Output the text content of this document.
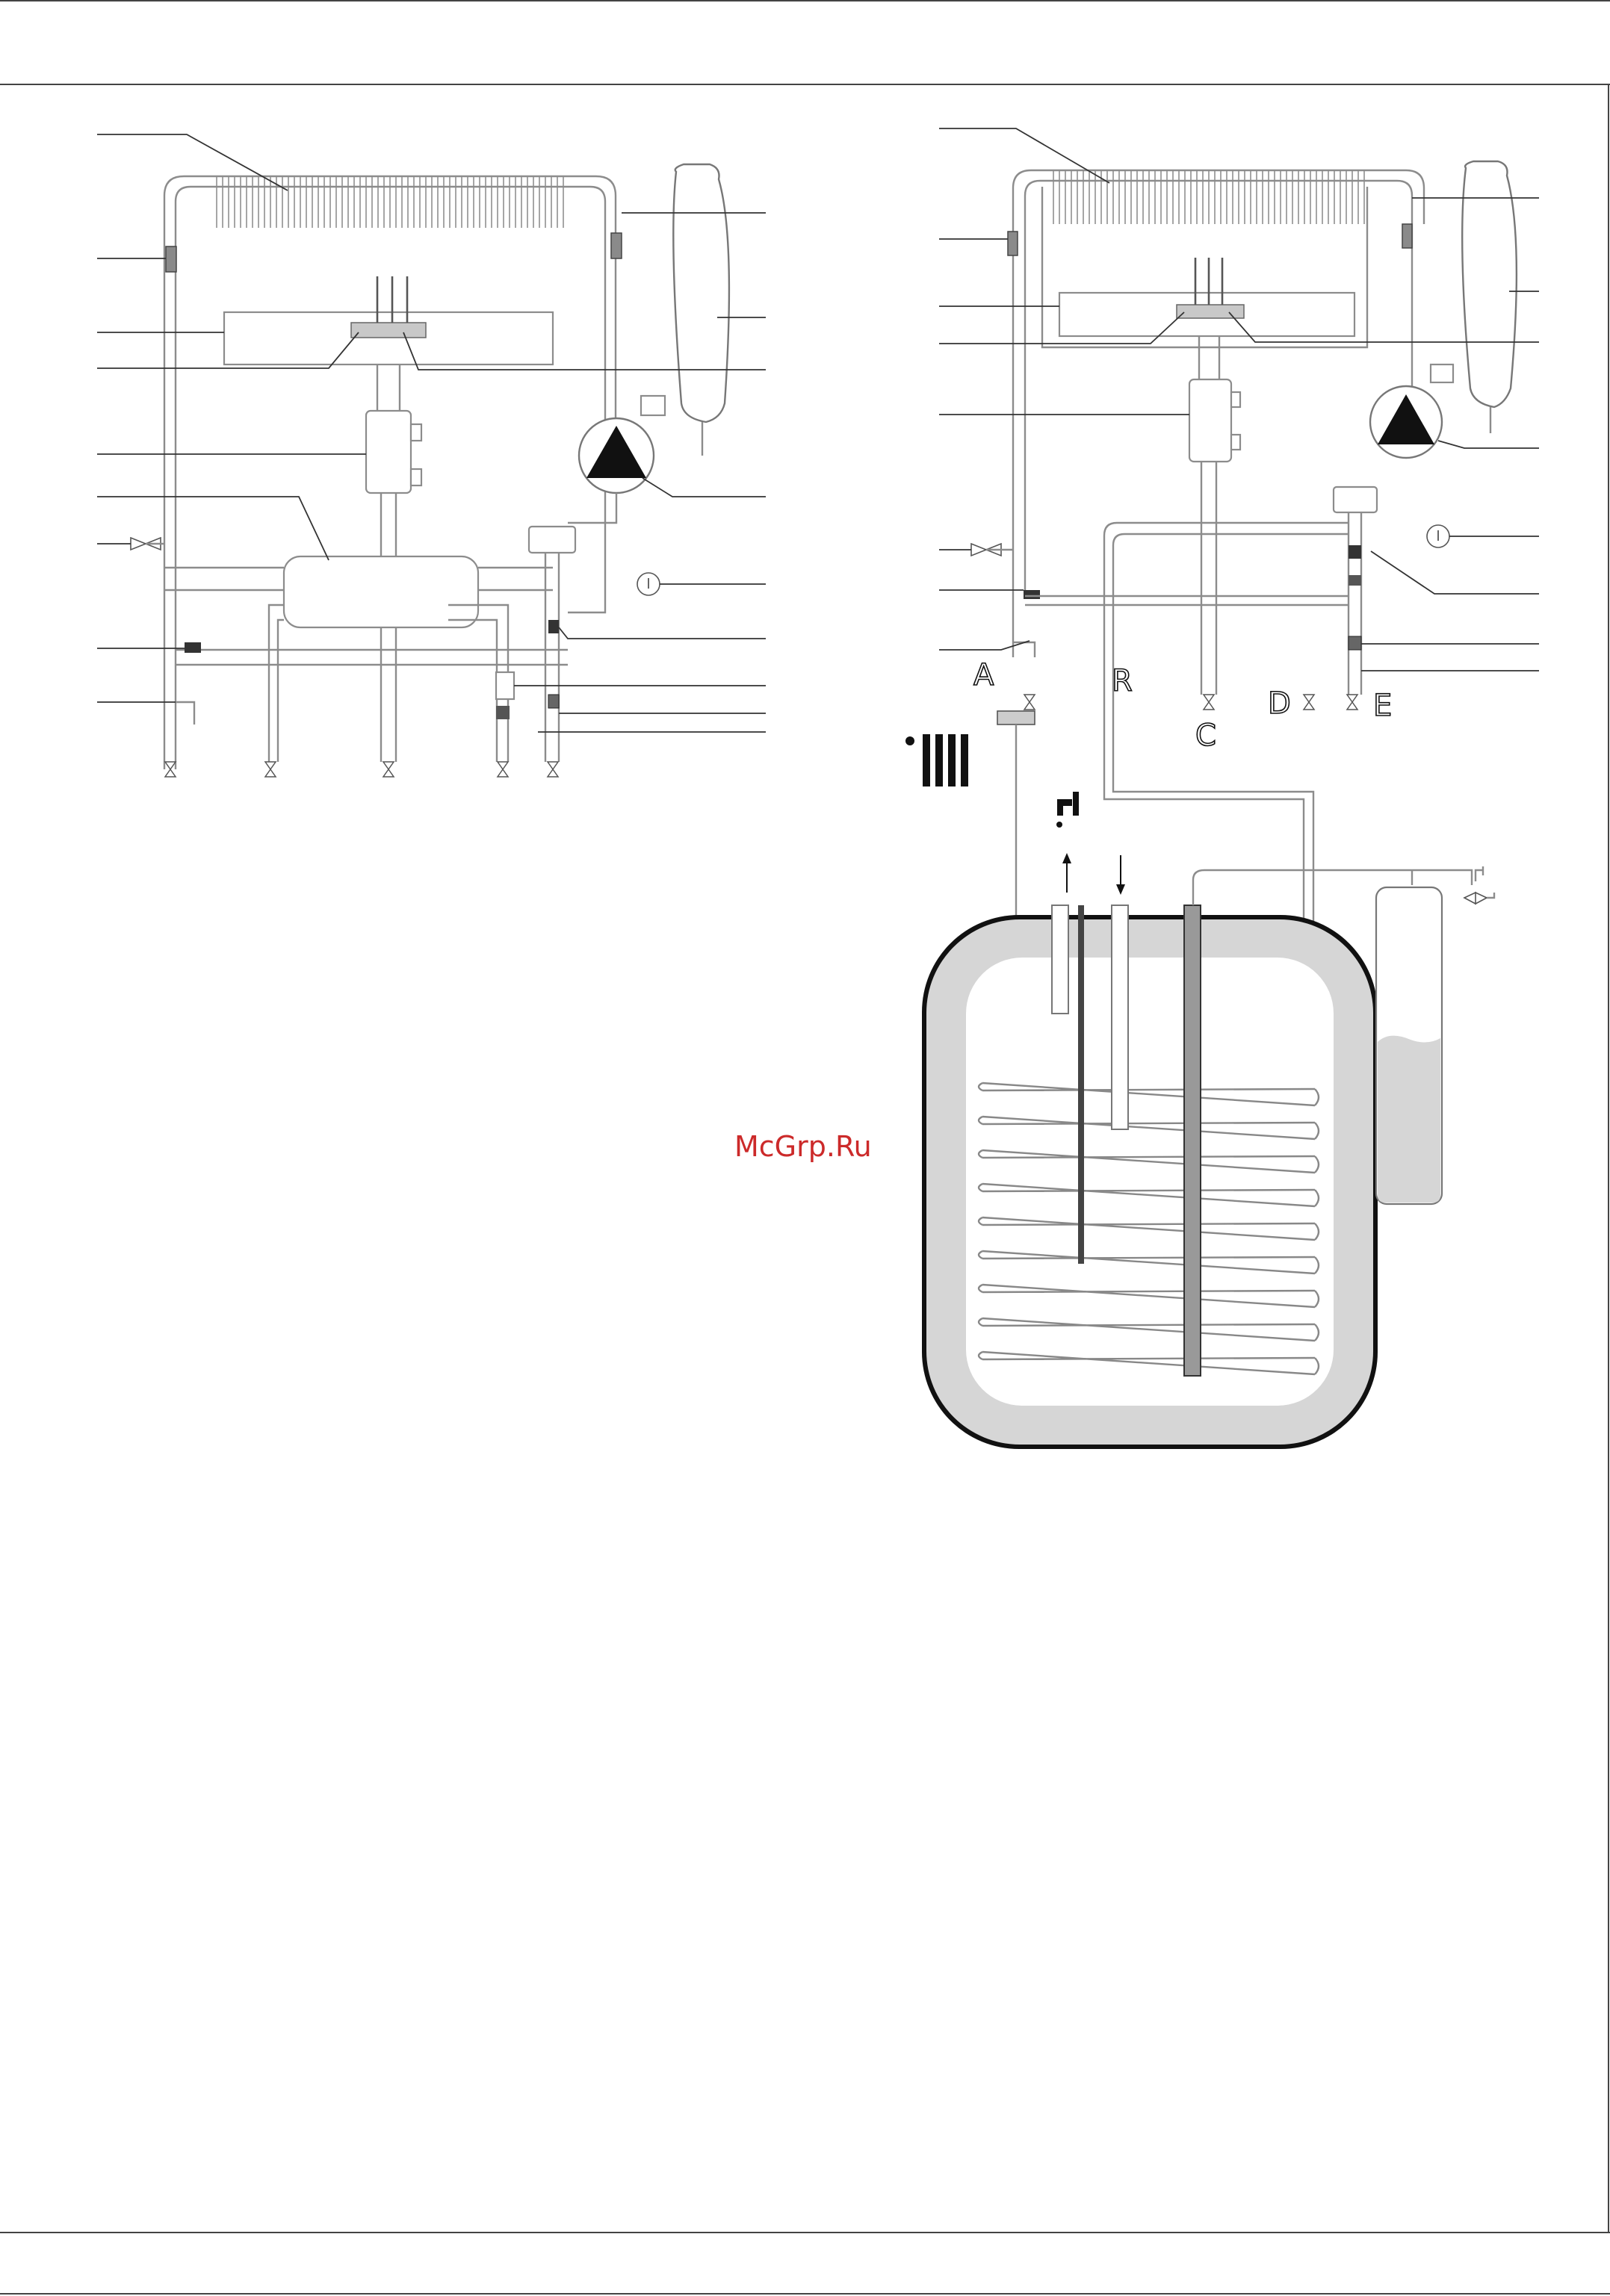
A	R
C
D	E
McGrp.Ru
